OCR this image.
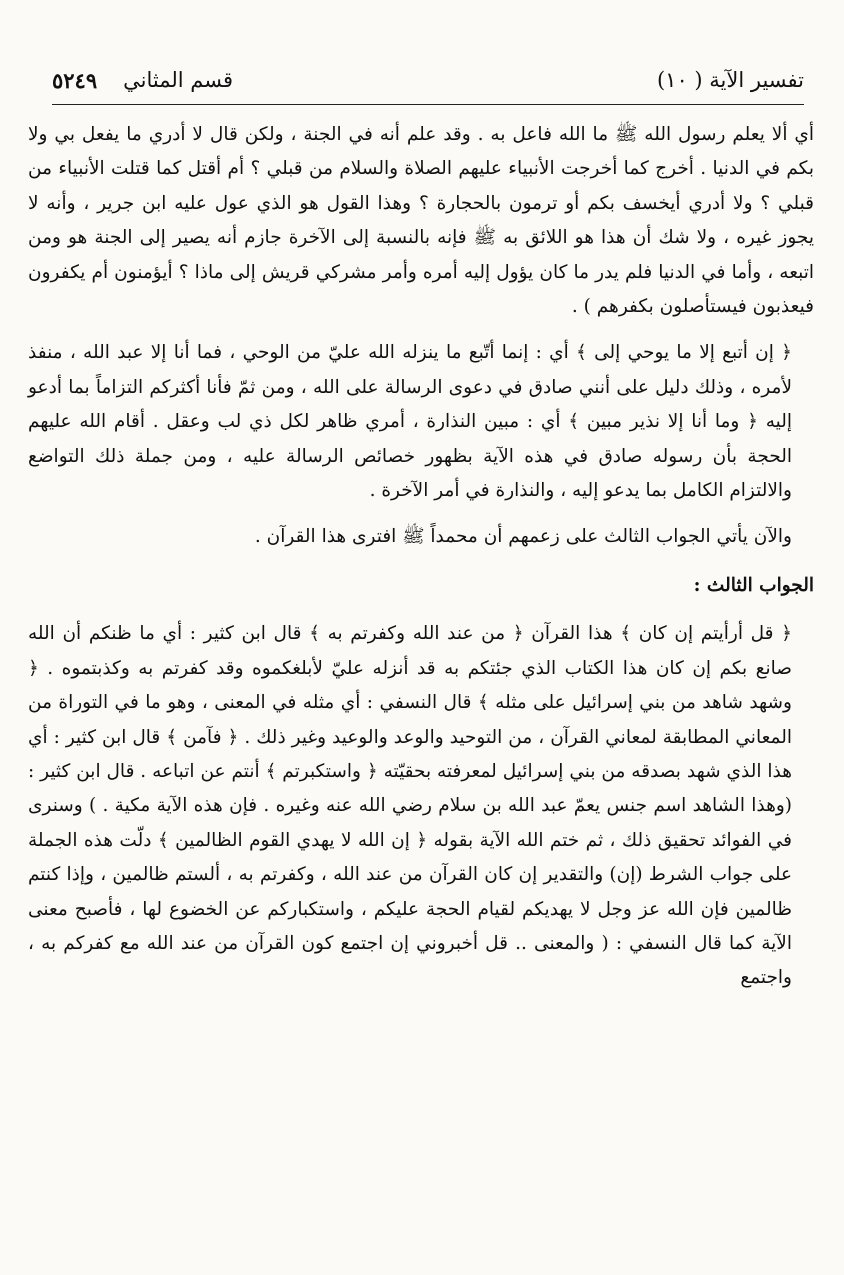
تفسير الآية ( ١٠)
قسم المثاني
٥٢٤٩

أي ألا يعلم رسول الله ﷺ ما الله فاعل به . وقد علم أنه في الجنة ، ولكن قال لا أدري ما يفعل بي ولا بكم في الدنيا . أخرج كما أخرجت الأنبياء عليهم الصلاة والسلام من قبلي ؟ أم أقتل كما قتلت الأنبياء من قبلي ؟ ولا أدري أيخسف بكم أو ترمون بالحجارة ؟ وهذا القول هو الذي عول عليه ابن جرير ، وأنه لا يجوز غيره ، ولا شك أن هذا هو اللائق به ﷺ فإنه بالنسبة إلى الآخرة جازم أنه يصير إلى الجنة هو ومن اتبعه ، وأما في الدنيا فلم يدر ما كان يؤول إليه أمره وأمر مشركي قريش إلى ماذا ؟ أيؤمنون أم يكفرون فيعذبون فيستأصلون بكفرهم ) .

﴿ إن أتبع إلا ما يوحي إلى ﴾ أي : إنما أتّبع ما ينزله الله عليّ من الوحي ، فما أنا إلا عبد الله ، منفذ لأمره ، وذلك دليل على أنني صادق في دعوى الرسالة على الله ، ومن ثمّ فأنا أكثركم التزاماً بما أدعو إليه ﴿ وما أنا إلا نذير مبين ﴾ أي : مبين النذارة ، أمري ظاهر لكل ذي لب وعقل . أقام الله عليهم الحجة بأن رسوله صادق في هذه الآية بظهور خصائص الرسالة عليه ، ومن جملة ذلك التواضع والالتزام الكامل بما يدعو إليه ، والنذارة في أمر الآخرة .

والآن يأتي الجواب الثالث على زعمهم أن محمداً ﷺ افترى هذا القرآن .

الجواب الثالث :

﴿ قل أرأيتم إن كان ﴾ هذا القرآن ﴿ من عند الله وكفرتم به ﴾ قال ابن كثير : أي ما ظنكم أن الله صانع بكم إن كان هذا الكتاب الذي جئتكم به قد أنزله عليّ لأبلغكموه وقد كفرتم به وكذبتموه . ﴿ وشهد شاهد من بني إسرائيل على مثله ﴾ قال النسفي : أي مثله في المعنى ، وهو ما في التوراة من المعاني المطابقة لمعاني القرآن ، من التوحيد والوعد والوعيد وغير ذلك . ﴿ فآمن ﴾ قال ابن كثير : أي هذا الذي شهد بصدقه من بني إسرائيل لمعرفته بحقيّته ﴿ واستكبرتم ﴾ أنتم عن اتباعه . قال ابن كثير : (وهذا الشاهد اسم جنس يعمّ عبد الله بن سلام رضي الله عنه وغيره . فإن هذه الآية مكية . ) وسنرى في الفوائد تحقيق ذلك ، ثم ختم الله الآية بقوله ﴿ إن الله لا يهدي القوم الظالمين ﴾ دلّت هذه الجملة على جواب الشرط (إن) والتقدير إن كان القرآن من عند الله ، وكفرتم به ، ألستم ظالمين ، وإذا كنتم ظالمين فإن الله عز وجل لا يهديكم لقيام الحجة عليكم ، واستكباركم عن الخضوع لها ، فأصبح معنى الآية كما قال النسفي : ( والمعنى .. قل أخبروني إن اجتمع كون القرآن من عند الله مع كفركم به ، واجتمع
